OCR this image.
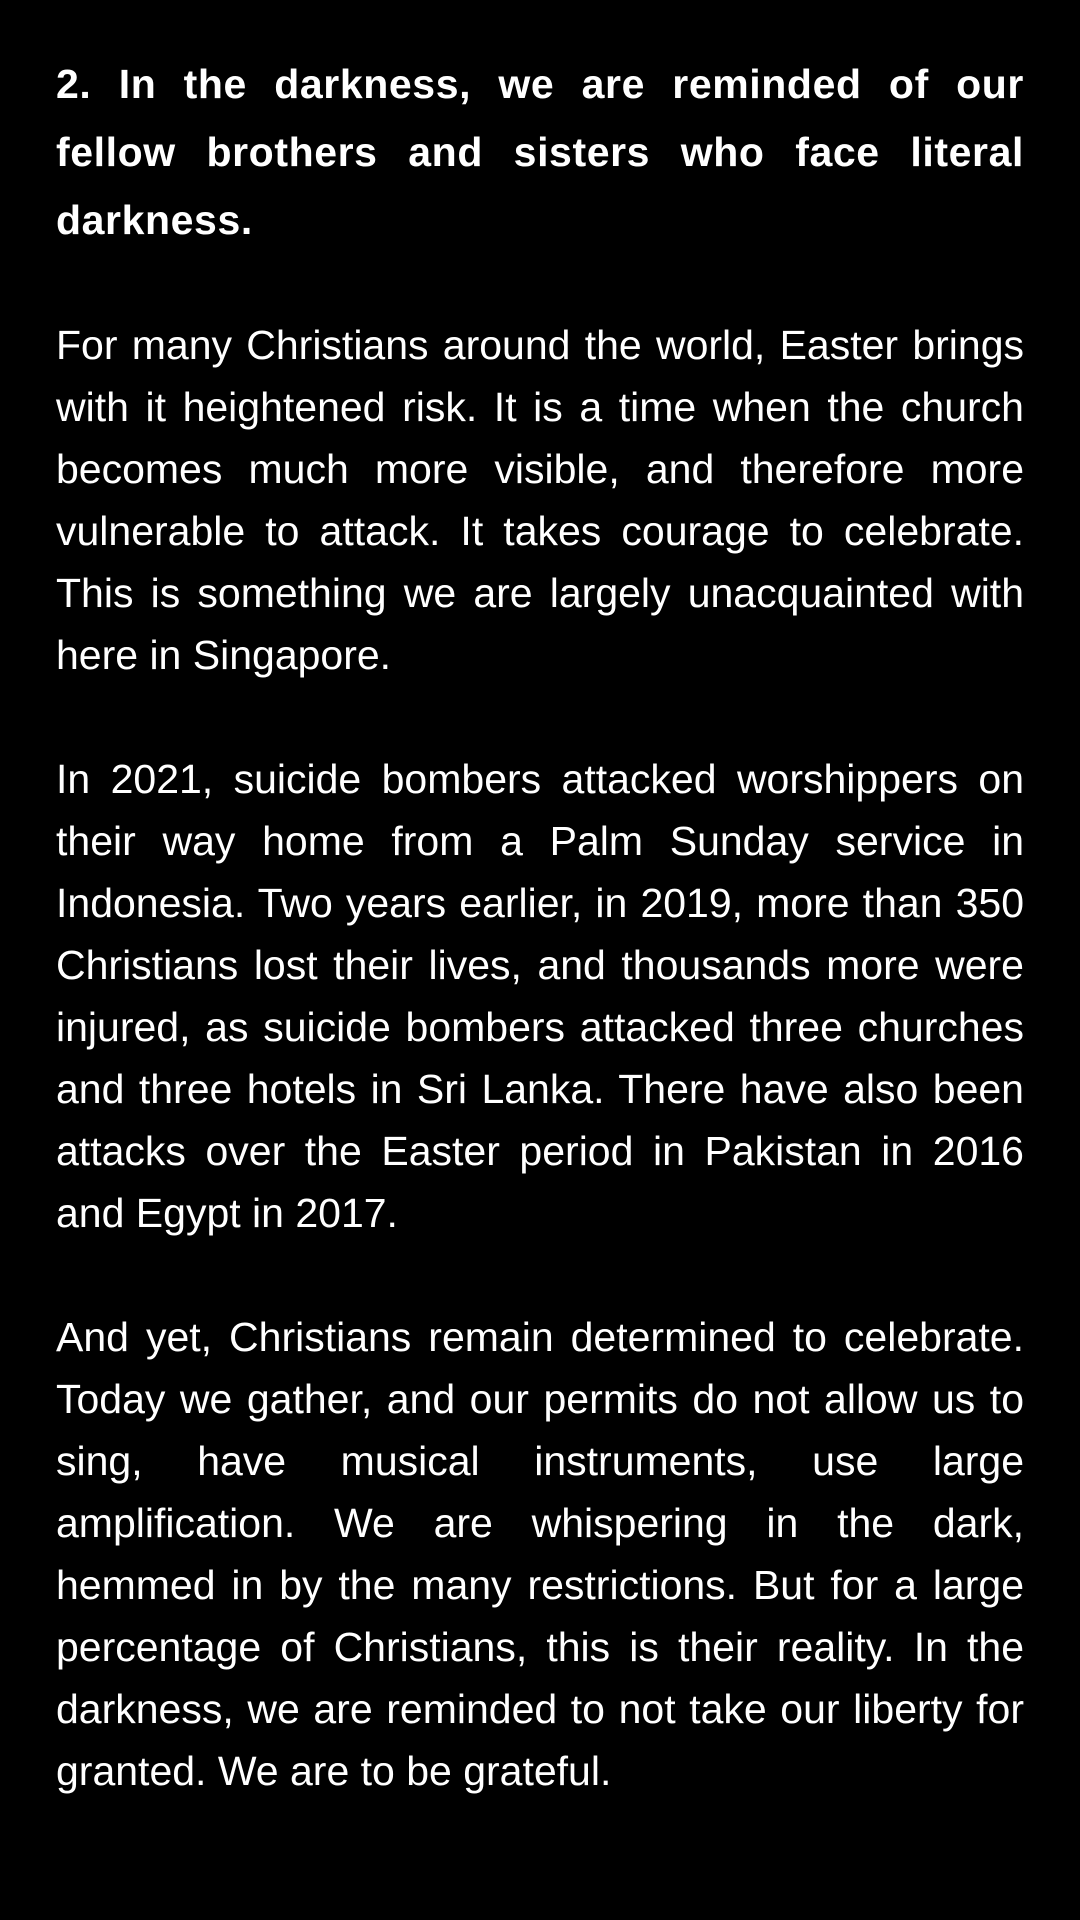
2. In the darkness, we are reminded of our fellow brothers and sisters who face literal darkness.

For many Christians around the world, Easter brings with it heightened risk. It is a time when the church becomes much more visible, and therefore more vulnerable to attack. It takes courage to celebrate. This is something we are largely unacquainted with here in Singapore.

In 2021, suicide bombers attacked worshippers on their way home from a Palm Sunday service in Indonesia. Two years earlier, in 2019, more than 350 Christians lost their lives, and thousands more were injured, as suicide bombers attacked three churches and three hotels in Sri Lanka. There have also been attacks over the Easter period in Pakistan in 2016 and Egypt in 2017.

And yet, Christians remain determined to celebrate. Today we gather, and our permits do not allow us to sing, have musical instruments, use large amplification. We are whispering in the dark, hemmed in by the many restrictions. But for a large percentage of Christians, this is their reality. In the darkness, we are reminded to not take our liberty for granted. We are to be grateful.
